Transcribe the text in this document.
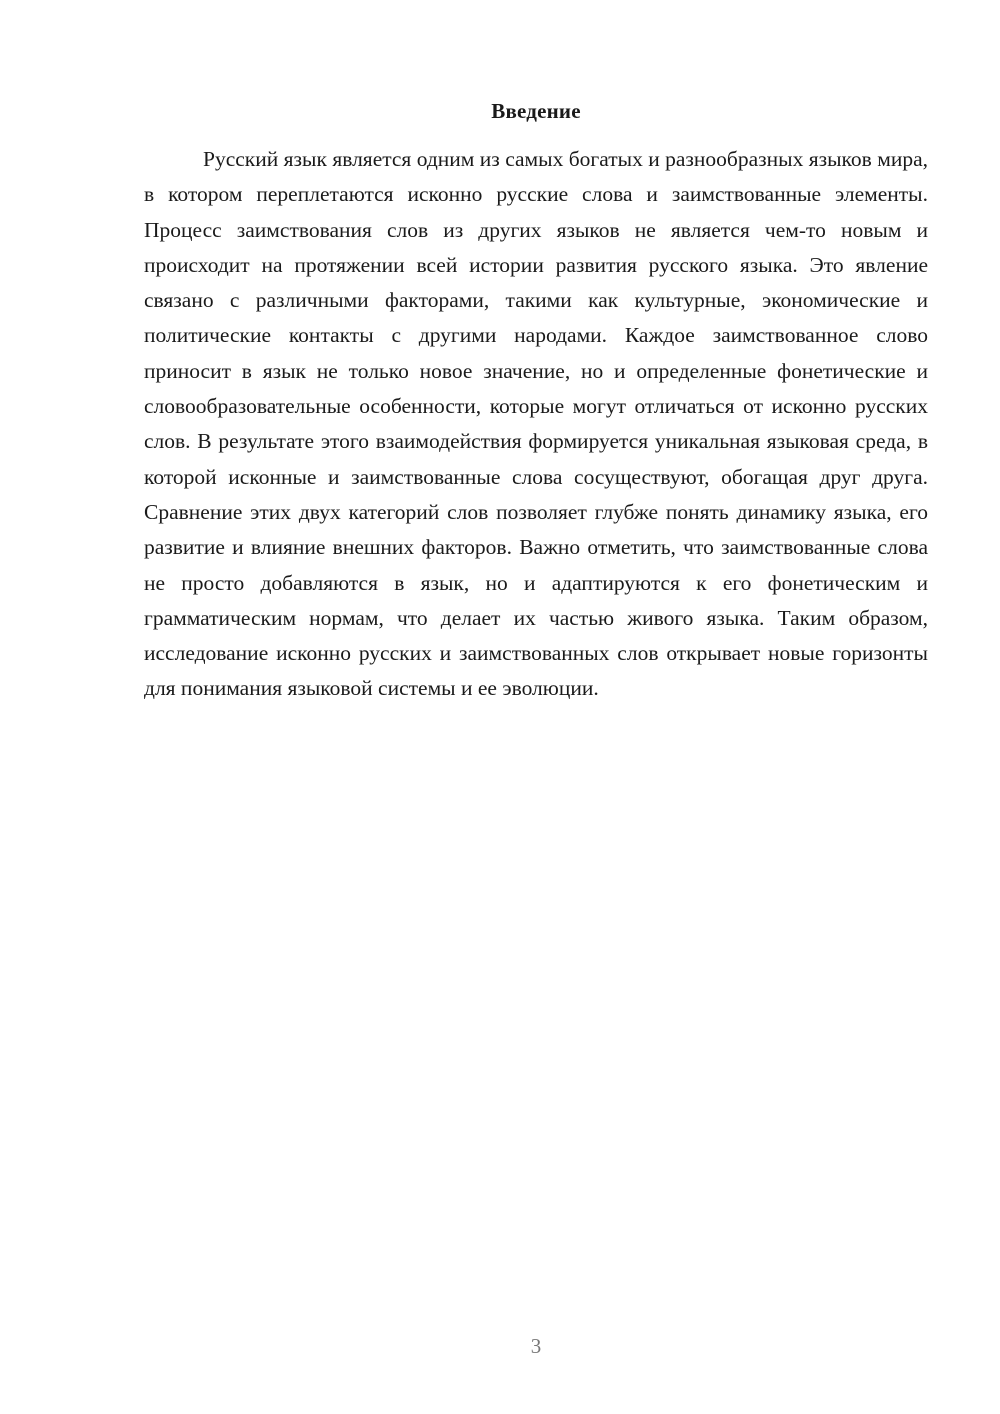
Введение

Русский язык является одним из самых богатых и разнообразных языков мира, в котором переплетаются исконно русские слова и заимствованные элементы. Процесс заимствования слов из других языков не является чем-то новым и происходит на протяжении всей истории развития русского языка. Это явление связано с различными факторами, такими как культурные, экономические и политические контакты с другими народами. Каждое заимствованное слово приносит в язык не только новое значение, но и определенные фонетические и словообразовательные особенности, которые могут отличаться от исконно русских слов. В результате этого взаимодействия формируется уникальная языковая среда, в которой исконные и заимствованные слова сосуществуют, обогащая друг друга. Сравнение этих двух категорий слов позволяет глубже понять динамику языка, его развитие и влияние внешних факторов. Важно отметить, что заимствованные слова не просто добавляются в язык, но и адаптируются к его фонетическим и грамматическим нормам, что делает их частью живого языка. Таким образом, исследование исконно русских и заимствованных слов открывает новые горизонты для понимания языковой системы и ее эволюции.

3
